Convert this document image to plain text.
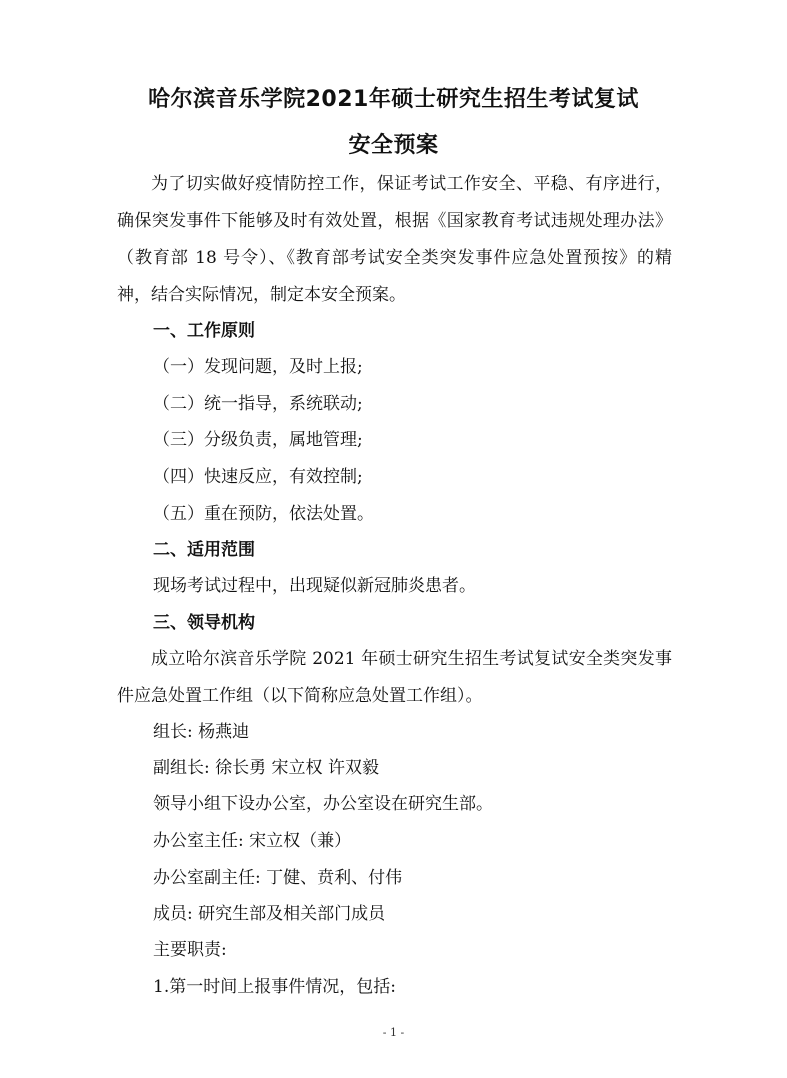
哈尔滨音乐学院2021年硕士研究生招生考试复试
安全预案

为了切实做好疫情防控工作，保证考试工作安全、平稳、有序进行，确保突发事件下能够及时有效处置，根据《国家教育考试违规处理办法》（教育部 18 号令）、《教育部考试安全类突发事件应急处置预按》的精神，结合实际情况，制定本安全预案。

一、工作原则
（一）发现问题，及时上报;
（二）统一指导，系统联动;
（三）分级负责，属地管理;
（四）快速反应，有效控制;
（五）重在预防，依法处置。
二、适用范围
现场考试过程中，出现疑似新冠肺炎患者。
三、领导机构

成立哈尔滨音乐学院 2021 年硕士研究生招生考试复试安全类突发事件应急处置工作组（以下简称应急处置工作组）。

组长: 杨燕迪
副组长: 徐长勇 宋立权 许双毅
领导小组下设办公室，办公室设在研究生部。
办公室主任: 宋立权（兼）
办公室副主任: 丁健、贲利、付伟
成员: 研究生部及相关部门成员
主要职责:
1.第一时间上报事件情况，包括:
- 1 -
